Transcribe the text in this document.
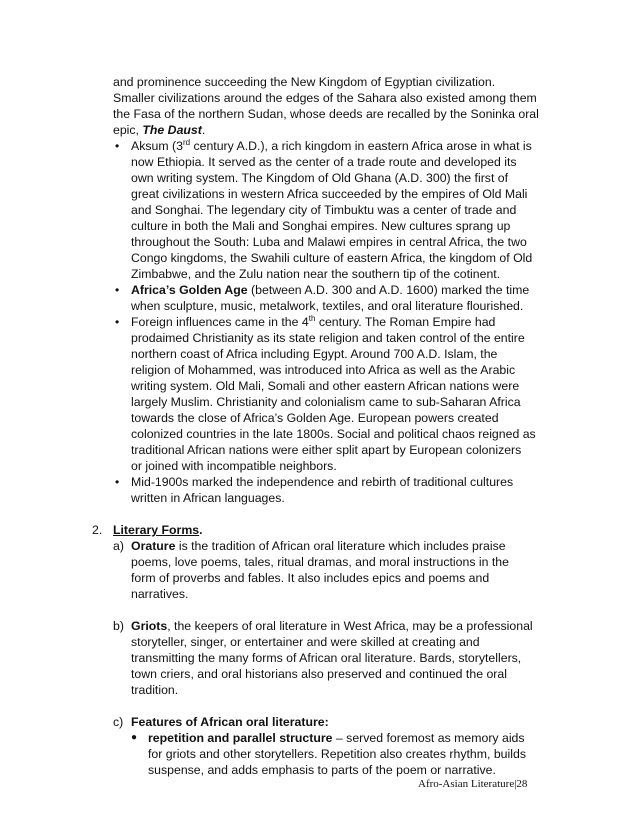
and prominence succeeding the New Kingdom of Egyptian civilization.
Smaller civilizations around the edges of the Sahara also existed among them
the Fasa of the northern Sudan, whose deeds are recalled by the Soninka oral
epic, The Daust.
• Aksum (3rd century A.D.), a rich kingdom in eastern Africa arose in what is
now Ethiopia. It served as the center of a trade route and developed its
own writing system. The Kingdom of Old Ghana (A.D. 300) the first of
great civilizations in western Africa succeeded by the empires of Old Mali
and Songhai. The legendary city of Timbuktu was a center of trade and
culture in both the Mali and Songhai empires. New cultures sprang up
throughout the South: Luba and Malawi empires in central Africa, the two
Congo kingdoms, the Swahili culture of eastern Africa, the kingdom of Old
Zimbabwe, and the Zulu nation near the southern tip of the cotinent.
• Africa’s Golden Age (between A.D. 300 and A.D. 1600) marked the time
when sculpture, music, metalwork, textiles, and oral literature flourished.
• Foreign influences came in the 4th century. The Roman Empire had
prodaimed Christianity as its state religion and taken control of the entire
northern coast of Africa including Egypt. Around 700 A.D. Islam, the
religion of Mohammed, was introduced into Africa as well as the Arabic
writing system. Old Mali, Somali and other eastern African nations were
largely Muslim. Christianity and colonialism came to sub-Saharan Africa
towards the close of Africa’s Golden Age. European powers created
colonized countries in the late 1800s. Social and political chaos reigned as
traditional African nations were either split apart by European colonizers
or joined with incompatible neighbors.
• Mid-1900s marked the independence and rebirth of traditional cultures
written in African languages.
2. Literary Forms.
a) Orature is the tradition of African oral literature which includes praise
poems, love poems, tales, ritual dramas, and moral instructions in the
form of proverbs and fables. It also includes epics and poems and
narratives.
b) Griots, the keepers of oral literature in West Africa, may be a professional
storyteller, singer, or entertainer and were skilled at creating and
transmitting the many forms of African oral literature. Bards, storytellers,
town criers, and oral historians also preserved and continued the oral
tradition.
c) Features of African oral literature:
● repetition and parallel structure – served foremost as memory aids
for griots and other storytellers. Repetition also creates rhythm, builds
suspense, and adds emphasis to parts of the poem or narrative.
Afro-Asian Literature|28
